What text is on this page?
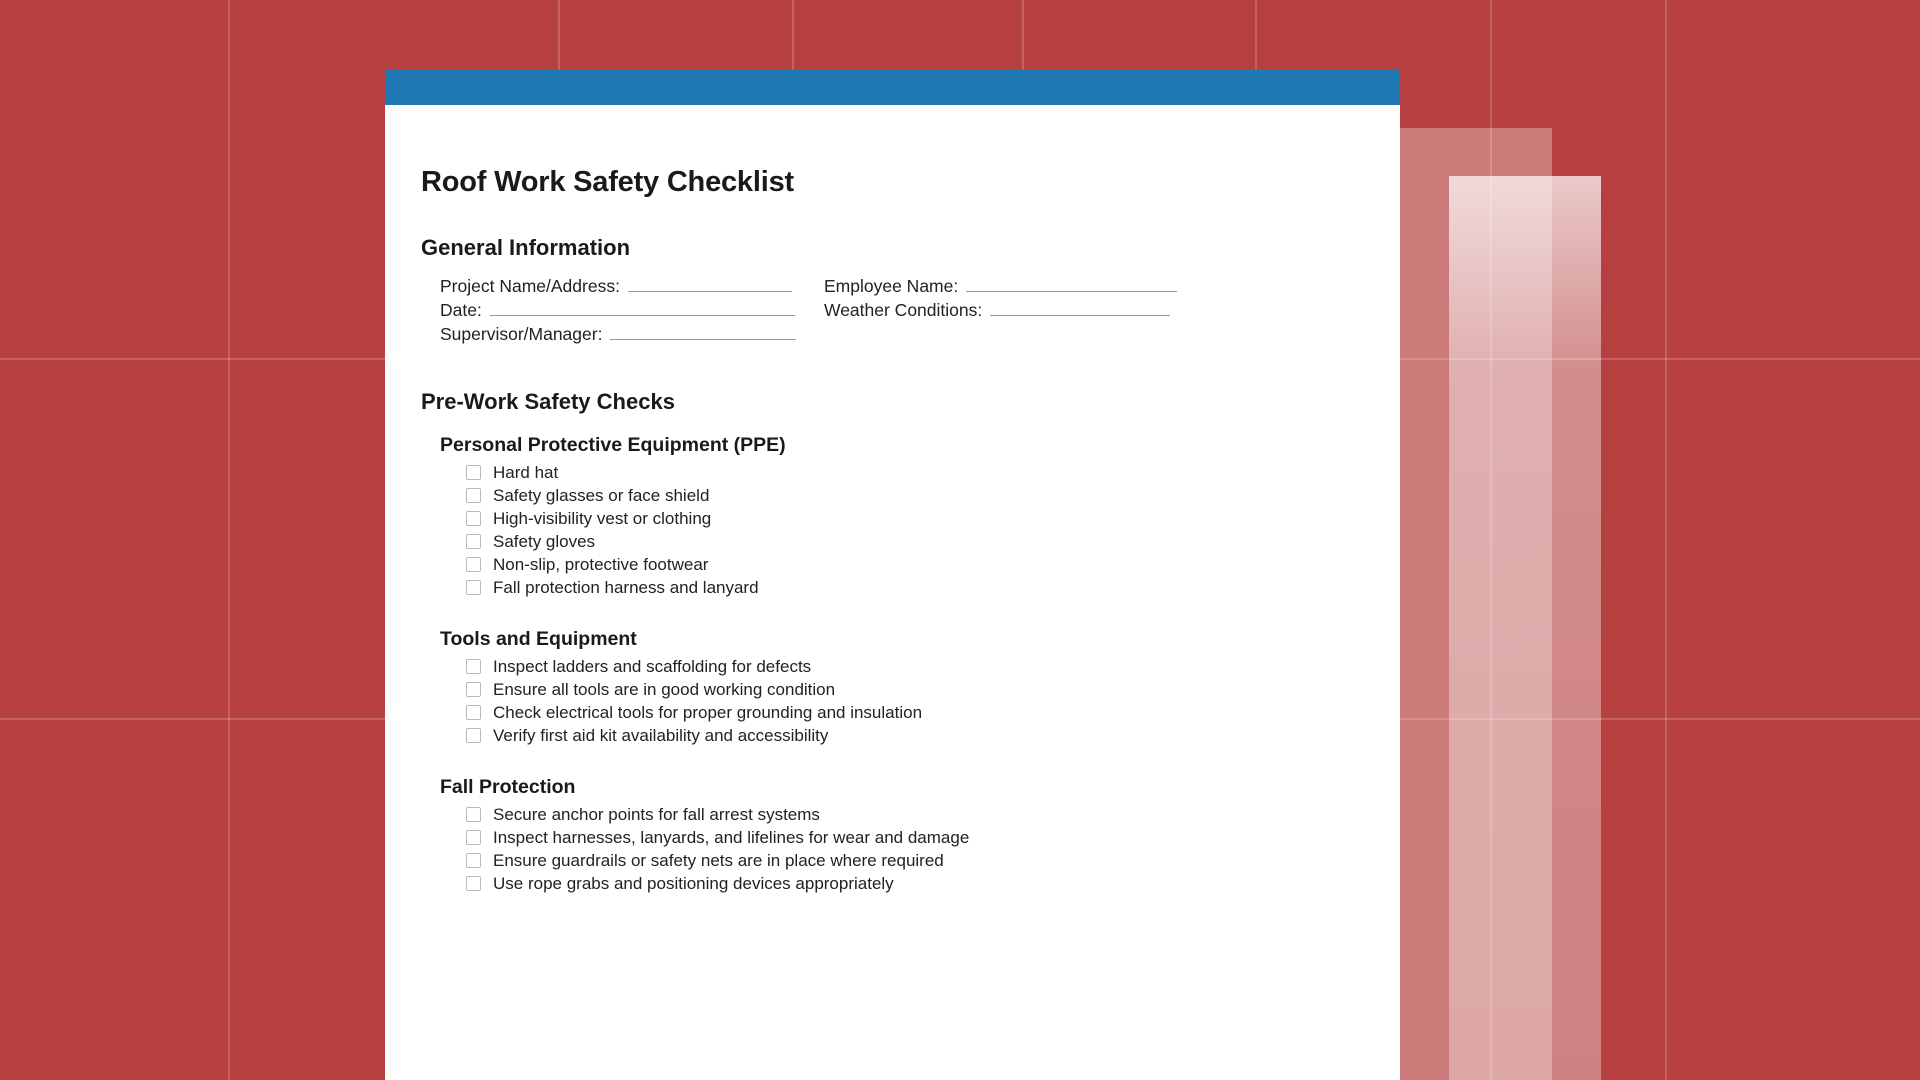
Roof Work Safety Checklist
General Information
Project Name/Address:
Date:
Supervisor/Manager:
Employee Name:
Weather Conditions:
Pre-Work Safety Checks
Personal Protective Equipment (PPE)
Hard hat
Safety glasses or face shield
High-visibility vest or clothing
Safety gloves
Non-slip, protective footwear
Fall protection harness and lanyard
Tools and Equipment
Inspect ladders and scaffolding for defects
Ensure all tools are in good working condition
Check electrical tools for proper grounding and insulation
Verify first aid kit availability and accessibility
Fall Protection
Secure anchor points for fall arrest systems
Inspect harnesses, lanyards, and lifelines for wear and damage
Ensure guardrails or safety nets are in place where required
Use rope grabs and positioning devices appropriately
